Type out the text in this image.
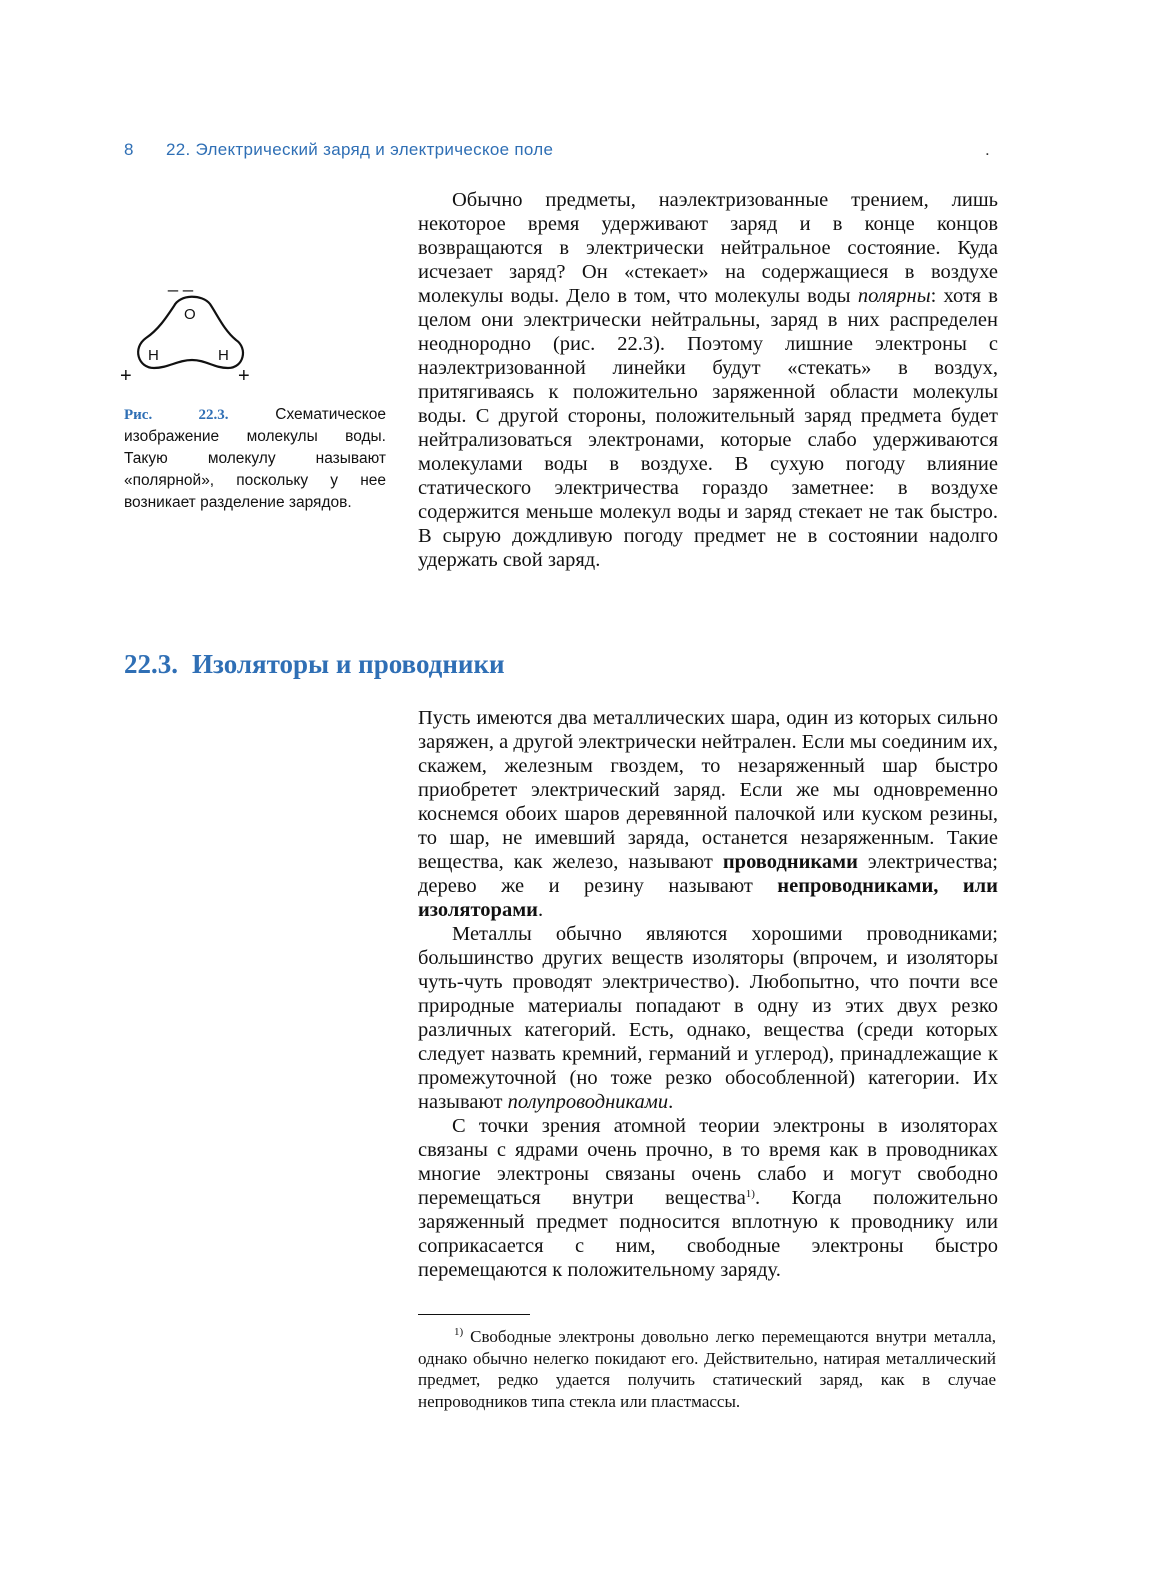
8 22. Электрический заряд и электрическое поле	.
O
H	H
_ _
+	+
Рис. 22.3.	Схематическое изображение молекулы воды. Такую молекулу называют «полярной», поскольку у нее возникает разделение зарядов.

Обычно предметы, наэлектризованные трением, лишь некоторое время удерживают заряд и в конце концов возвращаются в электрически нейтральное состояние. Куда исчезает заряд? Он «стекает» на содержащиеся в воздухе молекулы воды. Дело в том, что молекулы воды полярны: хотя в целом они электрически нейтральны, заряд в них распределен неоднородно (рис. 22.3). Поэтому лишние электроны с наэлектризованной линейки будут «стекать» в воздух, притягиваясь к положительно заряженной области молекулы воды. С другой стороны, положительный заряд предмета будет нейтрализоваться электронами, которые слабо удерживаются молекулами воды в воздухе. В сухую погоду влияние статического электричества гораздо заметнее: в воздухе содержится меньше молекул воды и заряд стекает не так быстро. В сырую дождливую погоду предмет не в состоянии надолго удержать свой заряд.

22.3. Изоляторы и проводники

Пусть имеются два металлических шара, один из которых сильно заряжен, а другой электрически нейтрален. Если мы соединим их, скажем, железным гвоздем, то незаряженный шар быстро приобретет электрический заряд. Если же мы одновременно коснемся обоих шаров деревянной палочкой или куском резины, то шар, не имевший заряда, останется незаряженным. Такие вещества, как железо, называют проводниками электричества; дерево же и резину называют непроводниками, или изоляторами.

Металлы обычно являются хорошими проводниками; большинство других веществ изоляторы (впрочем, и изоляторы чуть-чуть проводят электричество). Любопытно, что почти все природные материалы попадают в одну из этих двух резко различных категорий. Есть, однако, вещества (среди которых следует назвать кремний, германий и углерод), принадлежащие к промежуточной (но тоже резко обособленной) категории. Их называют полупроводниками.

С точки зрения атомной теории электроны в изоляторах связаны с ядрами очень прочно, в то время как в проводниках многие электроны связаны очень слабо и могут свободно перемещаться внутри вещества$^{1)}$. Когда положительно заряженный предмет подносится вплотную к проводнику или соприкасается с ним, свободные электроны быстро перемещаются к положительному заряду.

$^{1)}$ Свободные электроны довольно легко перемещаются внутри металла, однако обычно нелегко покидают его. Действительно, натирая металлический предмет, редко удается получить статический заряд, как в случае непроводников типа стекла или пластмассы.
